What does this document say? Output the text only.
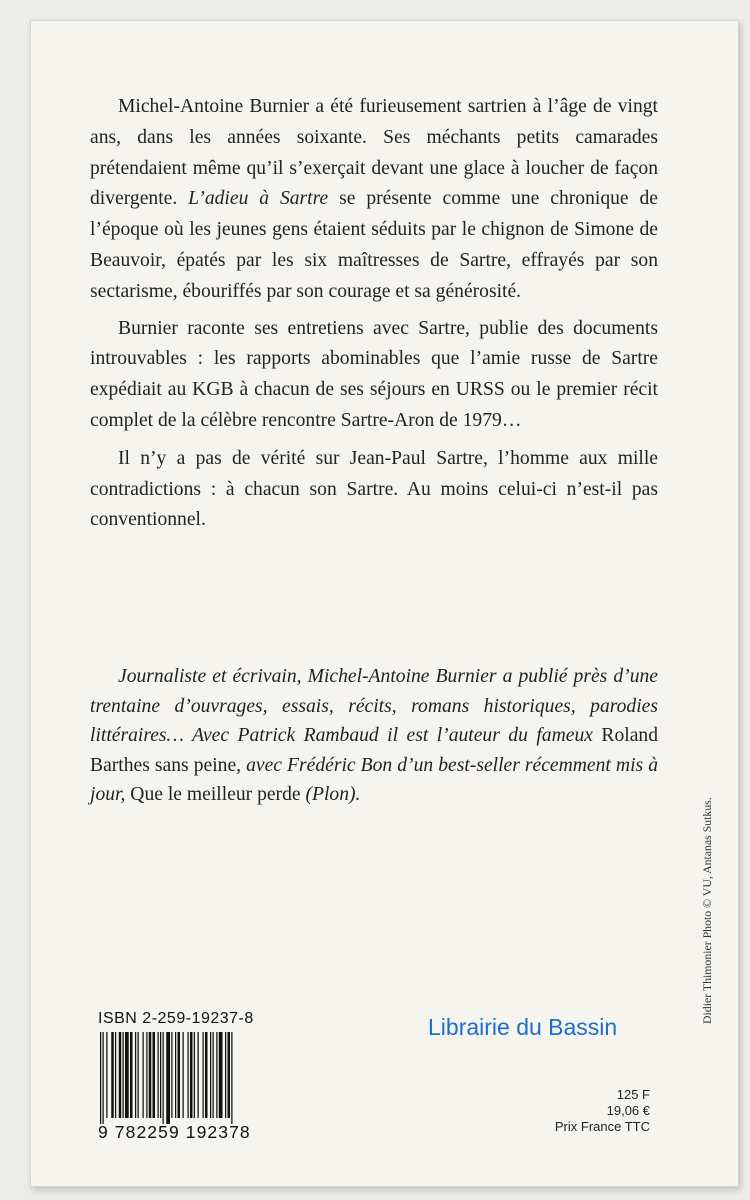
Michel-Antoine Burnier a été furieusement sartrien à l’âge de vingt ans, dans les années soixante. Ses méchants petits camarades prétendaient même qu’il s’exerçait devant une glace à loucher de façon divergente. L’adieu à Sartre se présente comme une chronique de l’époque où les jeunes gens étaient séduits par le chignon de Simone de Beauvoir, épatés par les six maîtresses de Sartre, effrayés par son sectarisme, ébouriffés par son courage et sa générosité.

Burnier raconte ses entretiens avec Sartre, publie des documents introuvables : les rapports abominables que l’amie russe de Sartre expédiait au KGB à chacun de ses séjours en URSS ou le premier récit complet de la célèbre rencontre Sartre-Aron de 1979…

Il n’y a pas de vérité sur Jean-Paul Sartre, l’homme aux mille contradictions : à chacun son Sartre. Au moins celui-ci n’est-il pas conventionnel.

Journaliste et écrivain, Michel-Antoine Burnier a publié près d’une trentaine d’ouvrages, essais, récits, romans historiques, parodies littéraires… Avec Patrick Rambaud il est l’auteur du fameux Roland Barthes sans peine, avec Frédéric Bon d’un best-seller récemment mis à jour, Que le meilleur perde (Plon).
Didier Thimonier Photo © VU, Antanas Sutkus.
ISBN 2-259-19237-8
9 782259 192378
Librairie du Bassin
125 F
19,06 €
Prix France TTC
